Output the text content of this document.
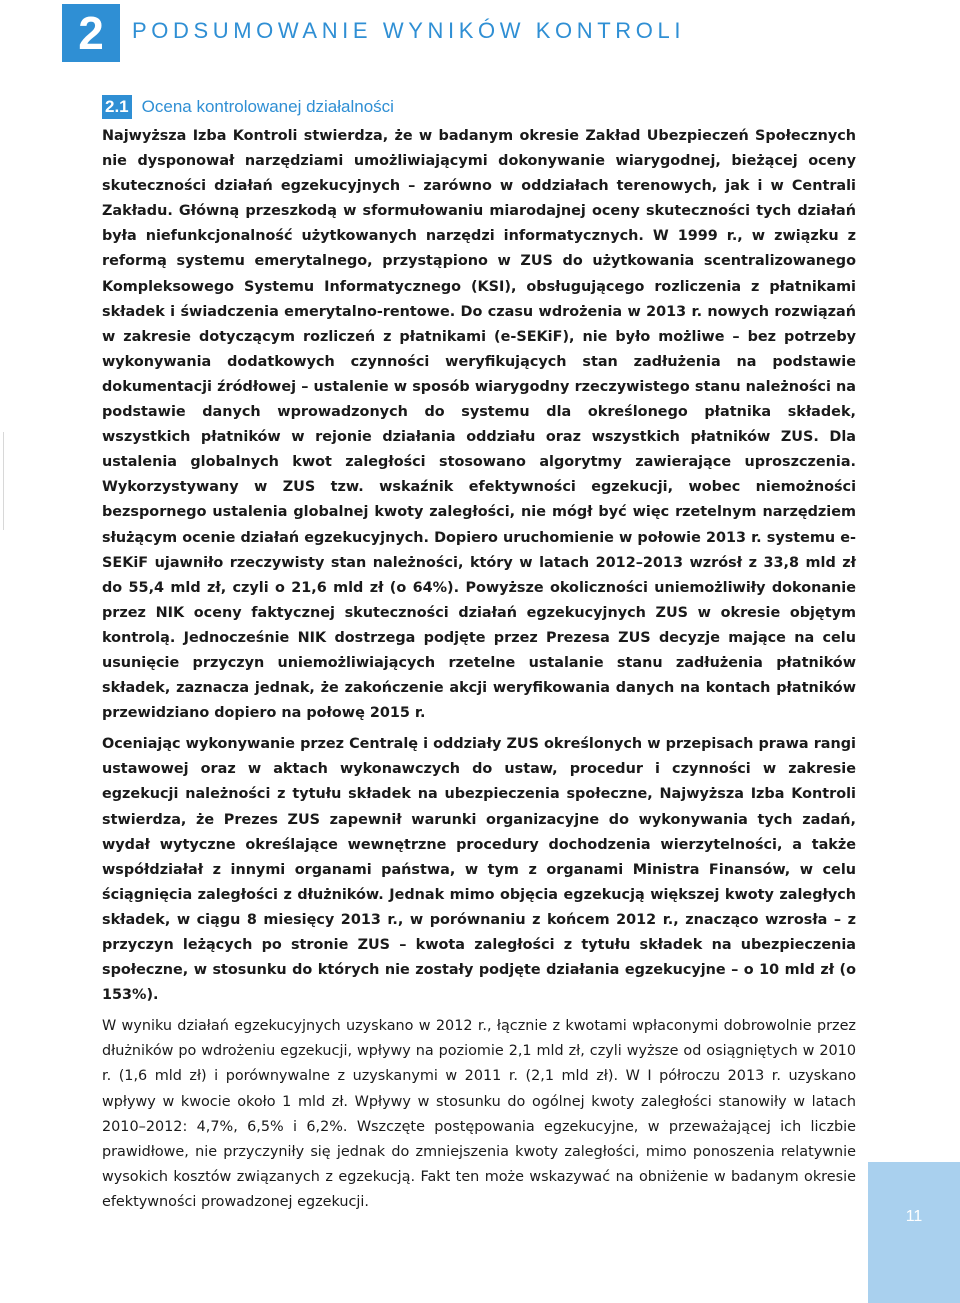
2 PODSUMOWANIE WYNIKÓW KONTROLI
2.1 Ocena kontrolowanej działalności

Najwyższa Izba Kontroli stwierdza, że w badanym okresie Zakład Ubezpieczeń Społecznych nie dysponował narzędziami umożliwiającymi dokonywanie wiarygodnej, bieżącej oceny skuteczności działań egzekucyjnych – zarówno w oddziałach terenowych, jak i w Centrali Zakładu. Główną przeszkodą w sformułowaniu miarodajnej oceny skuteczności tych działań była niefunkcjonalność użytkowanych narzędzi informatycznych. W 1999 r., w związku z reformą systemu emerytalnego, przystąpiono w ZUS do użytkowania scentralizowanego Kompleksowego Systemu Informatycznego (KSI), obsługującego rozliczenia z płatnikami składek i świadczenia emerytalno-rentowe. Do czasu wdrożenia w 2013 r. nowych rozwiązań w zakresie dotyczącym rozliczeń z płatnikami (e-SEKiF), nie było możliwe – bez potrzeby wykonywania dodatkowych czynności weryfikujących stan zadłużenia na podstawie dokumentacji źródłowej – ustalenie w sposób wiarygodny rzeczywistego stanu należności na podstawie danych wprowadzonych do systemu dla określonego płatnika składek, wszystkich płatników w rejonie działania oddziału oraz wszystkich płatników ZUS. Dla ustalenia globalnych kwot zaległości stosowano algorytmy zawierające uproszczenia. Wykorzystywany w ZUS tzw. wskaźnik efektywności egzekucji, wobec niemożności bezspornego ustalenia globalnej kwoty zaległości, nie mógł być więc rzetelnym narzędziem służącym ocenie działań egzekucyjnych. Dopiero uruchomienie w połowie 2013 r. systemu e-SEKiF ujawniło rzeczywisty stan należności, który w latach 2012–2013 wzrósł z 33,8 mld zł do 55,4 mld zł, czyli o 21,6 mld zł (o 64%). Powyższe okoliczności uniemożliwiły dokonanie przez NIK oceny faktycznej skuteczności działań egzekucyjnych ZUS w okresie objętym kontrolą. Jednocześnie NIK dostrzega podjęte przez Prezesa ZUS decyzje mające na celu usunięcie przyczyn uniemożliwiających rzetelne ustalanie stanu zadłużenia płatników składek, zaznacza jednak, że zakończenie akcji weryfikowania danych na kontach płatników przewidziano dopiero na połowę 2015 r.

Oceniając wykonywanie przez Centralę i oddziały ZUS określonych w przepisach prawa rangi ustawowej oraz w aktach wykonawczych do ustaw, procedur i czynności w zakresie egzekucji należności z tytułu składek na ubezpieczenia społeczne, Najwyższa Izba Kontroli stwierdza, że Prezes ZUS zapewnił warunki organizacyjne do wykonywania tych zadań, wydał wytyczne określające wewnętrzne procedury dochodzenia wierzytelności, a także współdziałał z innymi organami państwa, w tym z organami Ministra Finansów, w celu ściągnięcia zaległości z dłużników. Jednak mimo objęcia egzekucją większej kwoty zaległych składek, w ciągu 8 miesięcy 2013 r., w porównaniu z końcem 2012 r., znacząco wzrosła – z przyczyn leżących po stronie ZUS – kwota zaległości z tytułu składek na ubezpieczenia społeczne, w stosunku do których nie zostały podjęte działania egzekucyjne – o 10 mld zł (o 153%).

W wyniku działań egzekucyjnych uzyskano w 2012 r., łącznie z kwotami wpłaconymi dobrowolnie przez dłużników po wdrożeniu egzekucji, wpływy na poziomie 2,1 mld zł, czyli wyższe od osiągniętych w 2010 r. (1,6 mld zł) i porównywalne z uzyskanymi w 2011 r. (2,1 mld zł). W I półroczu 2013 r. uzyskano wpływy w kwocie około 1 mld zł. Wpływy w stosunku do ogólnej kwoty zaległości stanowiły w latach 2010–2012: 4,7%, 6,5% i 6,2%. Wszczęte postępowania egzekucyjne, w przeważającej ich liczbie prawidłowe, nie przyczyniły się jednak do zmniejszenia kwoty zaległości, mimo ponoszenia relatywnie wysokich kosztów związanych z egzekucją. Fakt ten może wskazywać na obniżenie w badanym okresie efektywności prowadzonej egzekucji.

11
